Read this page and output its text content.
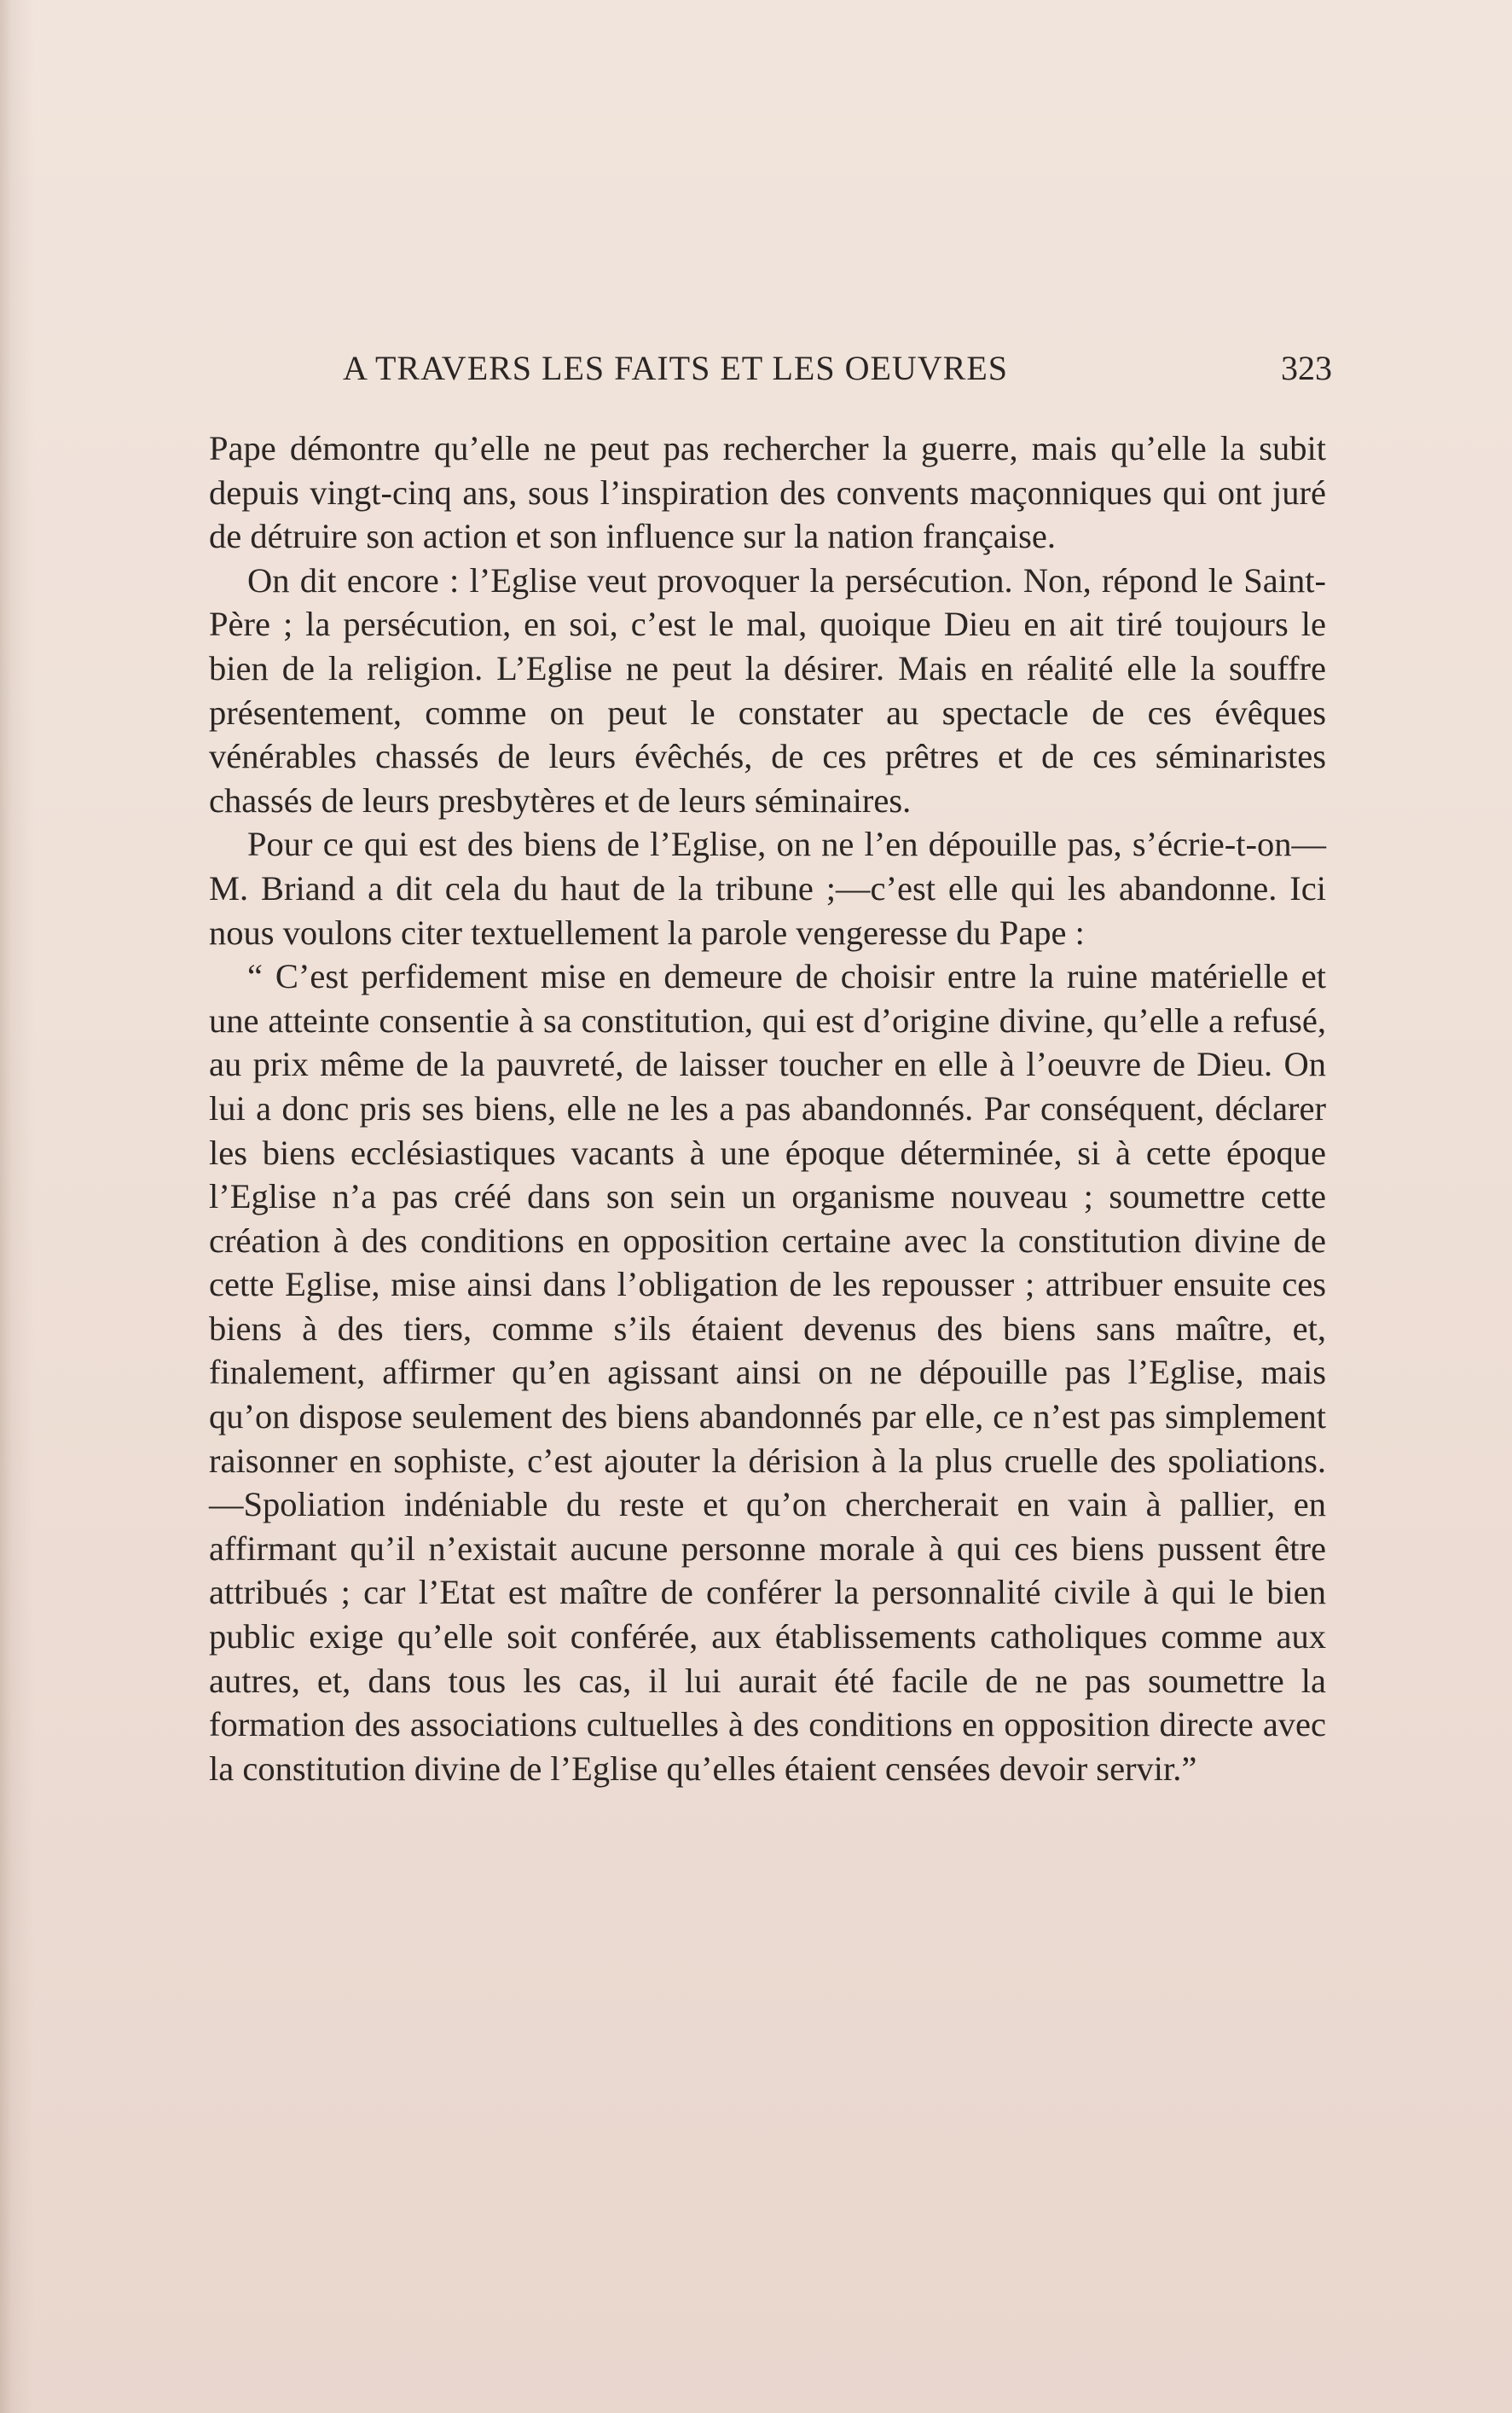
A TRAVERS LES FAITS ET LES OEUVRES	323

Pape démontre qu’elle ne peut pas rechercher la guerre, mais qu’elle la subit depuis vingt-cinq ans, sous l’inspiration des convents maçonniques qui ont juré de détruire son action et son influence sur la nation française.

On dit encore : l’Eglise veut provoquer la persécution. Non, répond le Saint-Père ; la persécution, en soi, c’est le mal, quoique Dieu en ait tiré toujours le bien de la religion. L’Eglise ne peut la désirer. Mais en réalité elle la souffre présentement, comme on peut le constater au spectacle de ces évêques vénérables chassés de leurs évêchés, de ces prêtres et de ces séminaristes chassés de leurs presbytères et de leurs séminaires.

Pour ce qui est des biens de l’Eglise, on ne l’en dépouille pas, s’écrie-t-on—M. Briand a dit cela du haut de la tribune ;—c’est elle qui les abandonne. Ici nous voulons citer textuellement la parole vengeresse du Pape :

“ C’est perfidement mise en demeure de choisir entre la ruine matérielle et une atteinte consentie à sa constitution, qui est d’origine divine, qu’elle a refusé, au prix même de la pauvreté, de laisser toucher en elle à l’oeuvre de Dieu. On lui a donc pris ses biens, elle ne les a pas abandonnés. Par conséquent, déclarer les biens ecclésiastiques vacants à une époque déterminée, si à cette époque l’Eglise n’a pas créé dans son sein un organisme nouveau ; soumettre cette création à des conditions en opposition certaine avec la constitution divine de cette Eglise, mise ainsi dans l’obligation de les repousser ; attribuer ensuite ces biens à des tiers, comme s’ils étaient devenus des biens sans maître, et, finalement, affirmer qu’en agissant ainsi on ne dépouille pas l’Eglise, mais qu’on dispose seulement des biens abandonnés par elle, ce n’est pas simplement raisonner en sophiste, c’est ajouter la dérision à la plus cruelle des spoliations. —Spoliation indéniable du reste et qu’on chercherait en vain à pallier, en affirmant qu’il n’existait aucune personne morale à qui ces biens pussent être attribués ; car l’Etat est maître de conférer la personnalité civile à qui le bien public exige qu’elle soit conférée, aux établissements catholiques comme aux autres, et, dans tous les cas, il lui aurait été facile de ne pas soumettre la formation des associations cultuelles à des conditions en opposition directe avec la constitution divine de l’Eglise qu’elles étaient censées devoir servir.”
